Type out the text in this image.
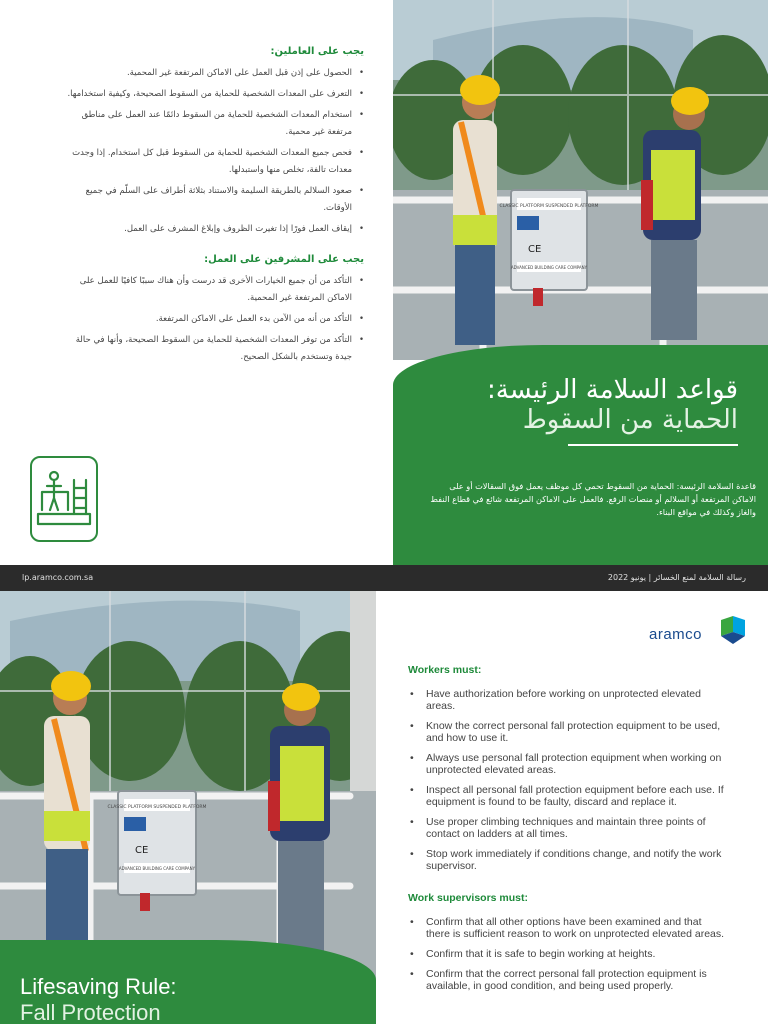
يجب على العاملين:
• الحصول على إذن قبل العمل على الاماكن المرتفعة غير المحمية.
• التعرف على المعدات الشخصية للحماية من السقوط الصحيحة، وكيفية استخدامها.
• استخدام المعدات الشخصية للحماية من السقوط دائمًا عند العمل على مناطق مرتفعة غير محمية.
• فحص جميع المعدات الشخصية للحماية من السقوط قبل كل استخدام. إذا وجدت معدات تالفة، تخلص منها واستبدلها.
• صعود السلالم بالطريقة السليمة والاستناد بثلاثة أطراف على السلّم في جميع الأوقات.
• إيقاف العمل فورًا إذا تغيرت الظروف وإبلاغ المشرف على العمل.
يجب على المشرفين على العمل:
• التأكد من أن جميع الخيارات الأخرى قد درست وأن هناك سببًا كافيًا للعمل على الاماكن المرتفعة غير المحمية.
• التأكد من أنه من الآمن بدء العمل على الاماكن المرتفعة.
• التأكد من توفر المعدات الشخصية للحماية من السقوط الصحيحة، وأنها في حالة جيدة وتستخدم بالشكل الصحيح.
CLASSIC PLATFORM SUSPENDED PLATFORM
CE
ADVANCED BUILDING CARE COMPANY
قواعد السلامة الرئيسة:
الحماية من السقوط
قاعدة السلامة الرئيسة: الحماية من السقوط تحمي كل موظف يعمل فوق السقالات أو على الاماكن المرتفعة أو السلالم أو منصات الرفع. فالعمل على الاماكن المرتفعة شائع في قطاع النفط والغاز وكذلك في مواقع البناء.
lp.aramco.com.sa	رسالة السلامة لمنع الخسائر | يونيو 2022
CLASSIC PLATFORM SUSPENDED PLATFORM
CE
ADVANCED BUILDING CARE COMPANY
Lifesaving Rule:
Fall Protection
aramco
Workers must:
• Have authorization before working on unprotected elevated areas.
• Know the correct personal fall protection equipment to be used, and how to use it.
• Always use personal fall protection equipment when working on unprotected elevated areas.
• Inspect all personal fall protection equipment before each use. If equipment is found to be faulty, discard and replace it.
• Use proper climbing techniques and maintain three points of contact on ladders at all times.
• Stop work immediately if conditions change, and notify the work supervisor.
Work supervisors must:
• Confirm that all other options have been examined and that there is sufficient reason to work on unprotected elevated areas.
• Confirm that it is safe to begin working at heights.
• Confirm that the correct personal fall protection equipment is available, in good condition, and being used properly.
